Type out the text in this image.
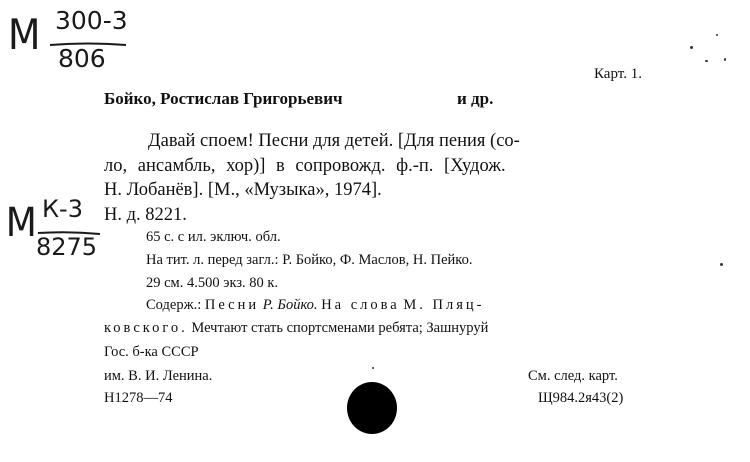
М 300-3
806
М К-3
8275
Карт. 1.
Бойко, Ростислав Григорьевич	и др.
Давай споем! Песни для детей. [Для пения (со-
ло, ансамбль, хор)] в сопровожд. ф.-п. [Худож.
Н. Лобанёв]. [М., «Музыка», 1974].
Н. д. 8221.
65 с. с ил. эключ. обл.
На тит. л. перед загл.: Р. Бойко, Ф. Маслов, Н. Пейко.
29 см. 4.500 экз. 80 к.
Содерж.: Песни Р. Бойко. На слова М. Пляц-
ковского. Мечтают стать спортсменами ребята; Зашнуруй
Гос. б-ка СССР
им. В. И. Ленина.
Н1278—74
См. след. карт.
Щ984.2я43(2)
